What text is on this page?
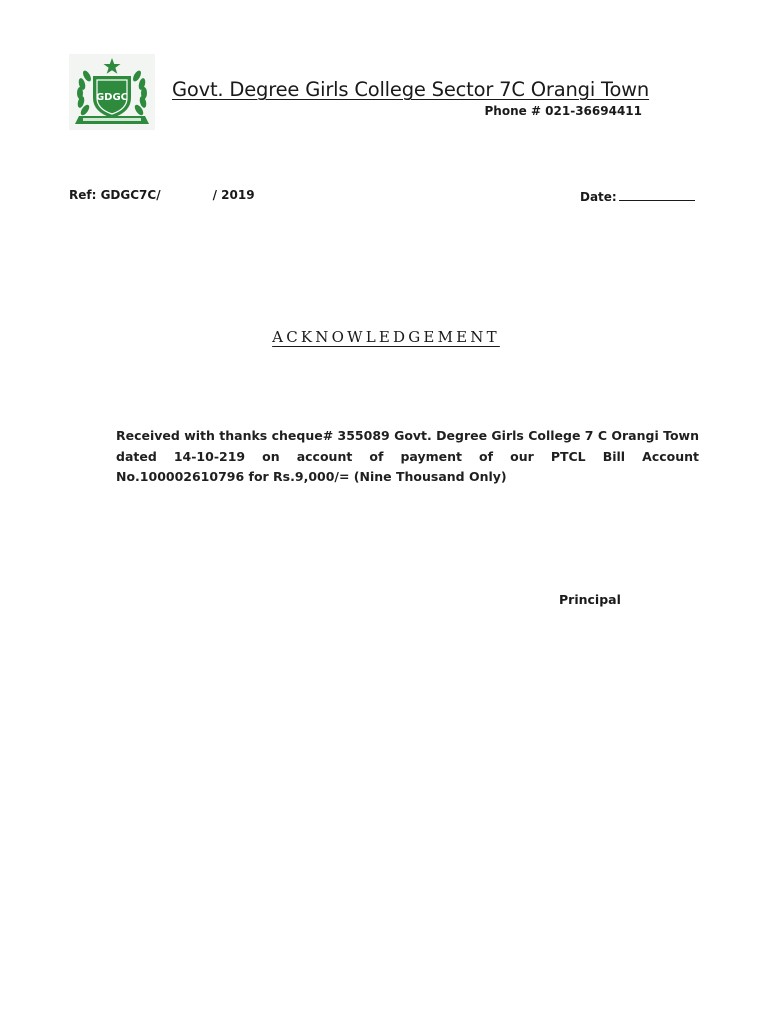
GDGC Govt. Degree Girls College Sector 7C Orangi Town
Phone # 021-36694411
Ref: GDGC7C/	/ 2019	Date:
ACKNOWLEDGEMENT
Received with thanks cheque# 355089 Govt. Degree Girls College 7 C Orangi Town dated 14-10-219 on account of payment of our PTCL Bill Account No.100002610796 for Rs.9,000/= (Nine Thousand Only)
Principal
